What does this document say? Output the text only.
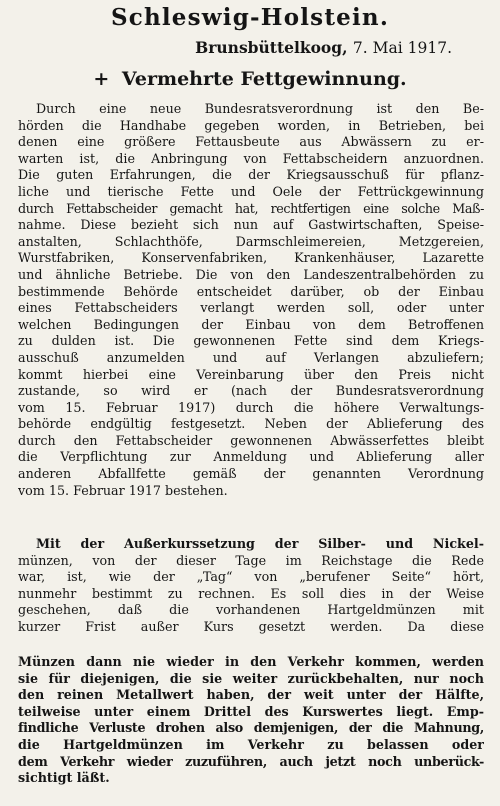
Schleswig-Holstein.
Brunsbüttelkoog, 7. Mai 1917.
+ Vermehrte Fettgewinnung.
Durch eine neue Bundesratsverordnung ist den Be-
hörden die Handhabe gegeben worden, in Betrieben, bei
denen eine größere Fettausbeute aus Abwässern zu er-
warten ist, die Anbringung von Fettabscheidern anzuordnen.
Die guten Erfahrungen, die der Kriegsausschuß für pflanz-
liche und tierische Fette und Oele der Fettrückgewinnung
durch Fettabscheider gemacht hat, rechtfertigen eine solche Maß-
nahme. Diese bezieht sich nun auf Gastwirtschaften, Speise-
anstalten, Schlachthöfe, Darmschleimereien, Metzgereien,
Wurstfabriken, Konservenfabriken, Krankenhäuser, Lazarette
und ähnliche Betriebe. Die von den Landeszentralbehörden zu
bestimmende Behörde entscheidet darüber, ob der Einbau
eines Fettabscheiders verlangt werden soll, oder unter
welchen Bedingungen der Einbau von dem Betroffenen
zu dulden ist. Die gewonnenen Fette sind dem Kriegs-
ausschuß anzumelden und auf Verlangen abzuliefern;
kommt hierbei eine Vereinbarung über den Preis nicht
zustande, so wird er (nach der Bundesratsverordnung
vom 15. Februar 1917) durch die höhere Verwaltungs-
behörde endgültig festgesetzt. Neben der Ablieferung des
durch den Fettabscheider gewonnenen Abwässerfettes bleibt
die Verpflichtung zur Anmeldung und Ablieferung aller
anderen Abfallfette gemäß der genannten Verordnung
vom 15. Februar 1917 bestehen.
Mit der Außerkurssetzung der Silber- und Nickel-
münzen, von der dieser Tage im Reichstage die Rede
war, ist, wie der „Tag“ von „berufener Seite“ hört,
nunmehr bestimmt zu rechnen. Es soll dies in der Weise
geschehen, daß die vorhandenen Hartgeldmünzen mit
kurzer Frist außer Kurs gesetzt werden. Da diese
Münzen dann nie wieder in den Verkehr kommen, werden
sie für diejenigen, die sie weiter zurückbehalten, nur noch
den reinen Metallwert haben, der weit unter der Hälfte,
teilweise unter einem Drittel des Kurswertes liegt. Emp-
findliche Verluste drohen also demjenigen, der die Mahnung,
die Hartgeldmünzen im Verkehr zu belassen oder
dem Verkehr wieder zuzuführen, auch jetzt noch unberück-
sichtigt läßt.
